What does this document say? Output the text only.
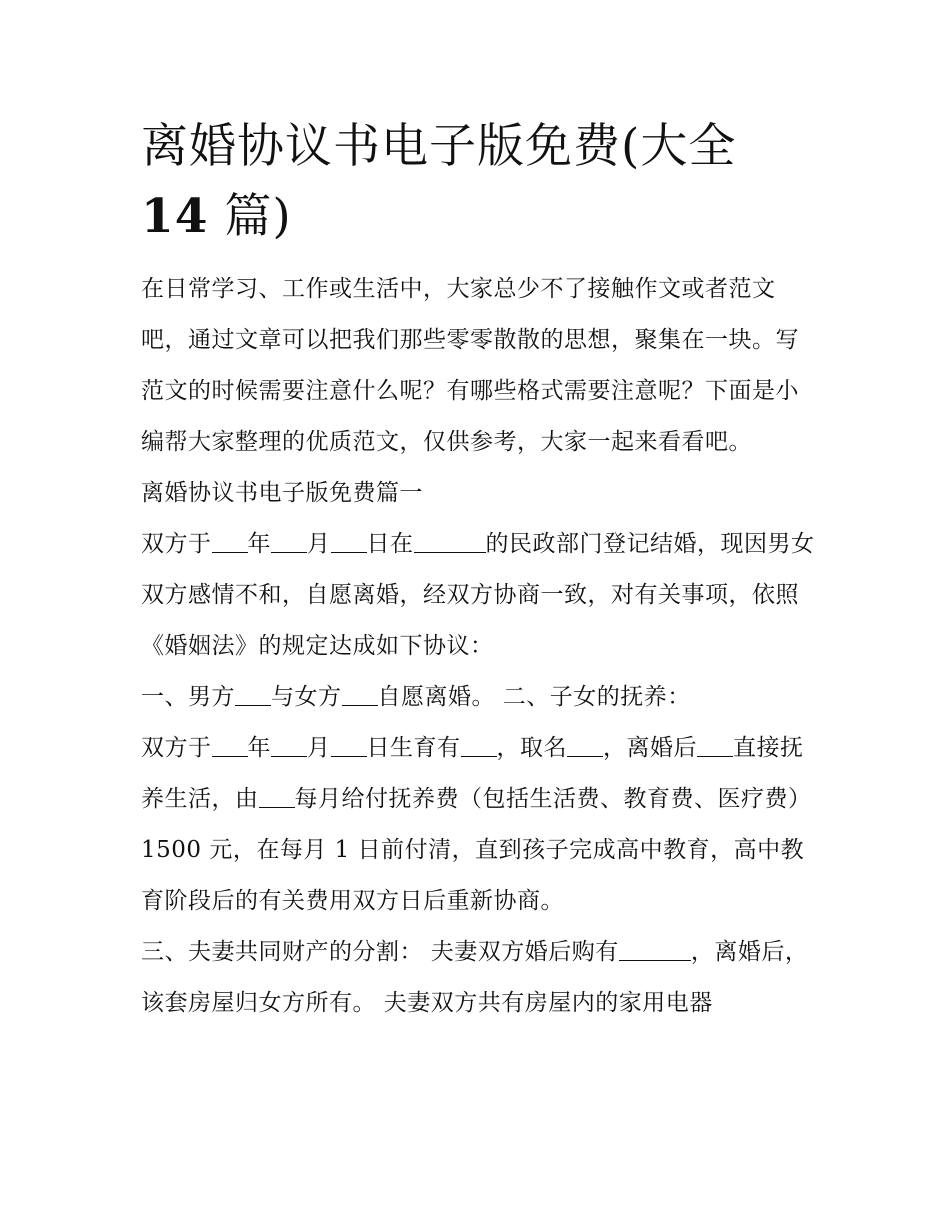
离婚协议书电子版免费(大全
14 篇)

在日常学习、工作或生活中，大家总少不了接触作文或者范文吧，通过文章可以把我们那些零零散散的思想，聚集在一块。写范文的时候需要注意什么呢？有哪些格式需要注意呢？下面是小编帮大家整理的优质范文，仅供参考，大家一起来看看吧。

离婚协议书电子版免费篇一

双方于 年 月 日在	的民政部门登记结婚，现因男女双方感情不和，自愿离婚，经双方协商一致，对有关事项，依照《婚姻法》的规定达成如下协议：

一、男方 与女方 自愿离婚。 二、子女的抚养：

双方于 年 月 日生育有 ，取名 ，离婚后 直接抚养生活，由 每月给付抚养费（包括生活费、教育费、医疗费）1500 元，在每月 1 日前付清，直到孩子完成高中教育，高中教育阶段后的有关费用双方日后重新协商。

三、夫妻共同财产的分割： 夫妻双方婚后购有	，离婚后，该套房屋归女方所有。 夫妻双方共有房屋内的家用电器
